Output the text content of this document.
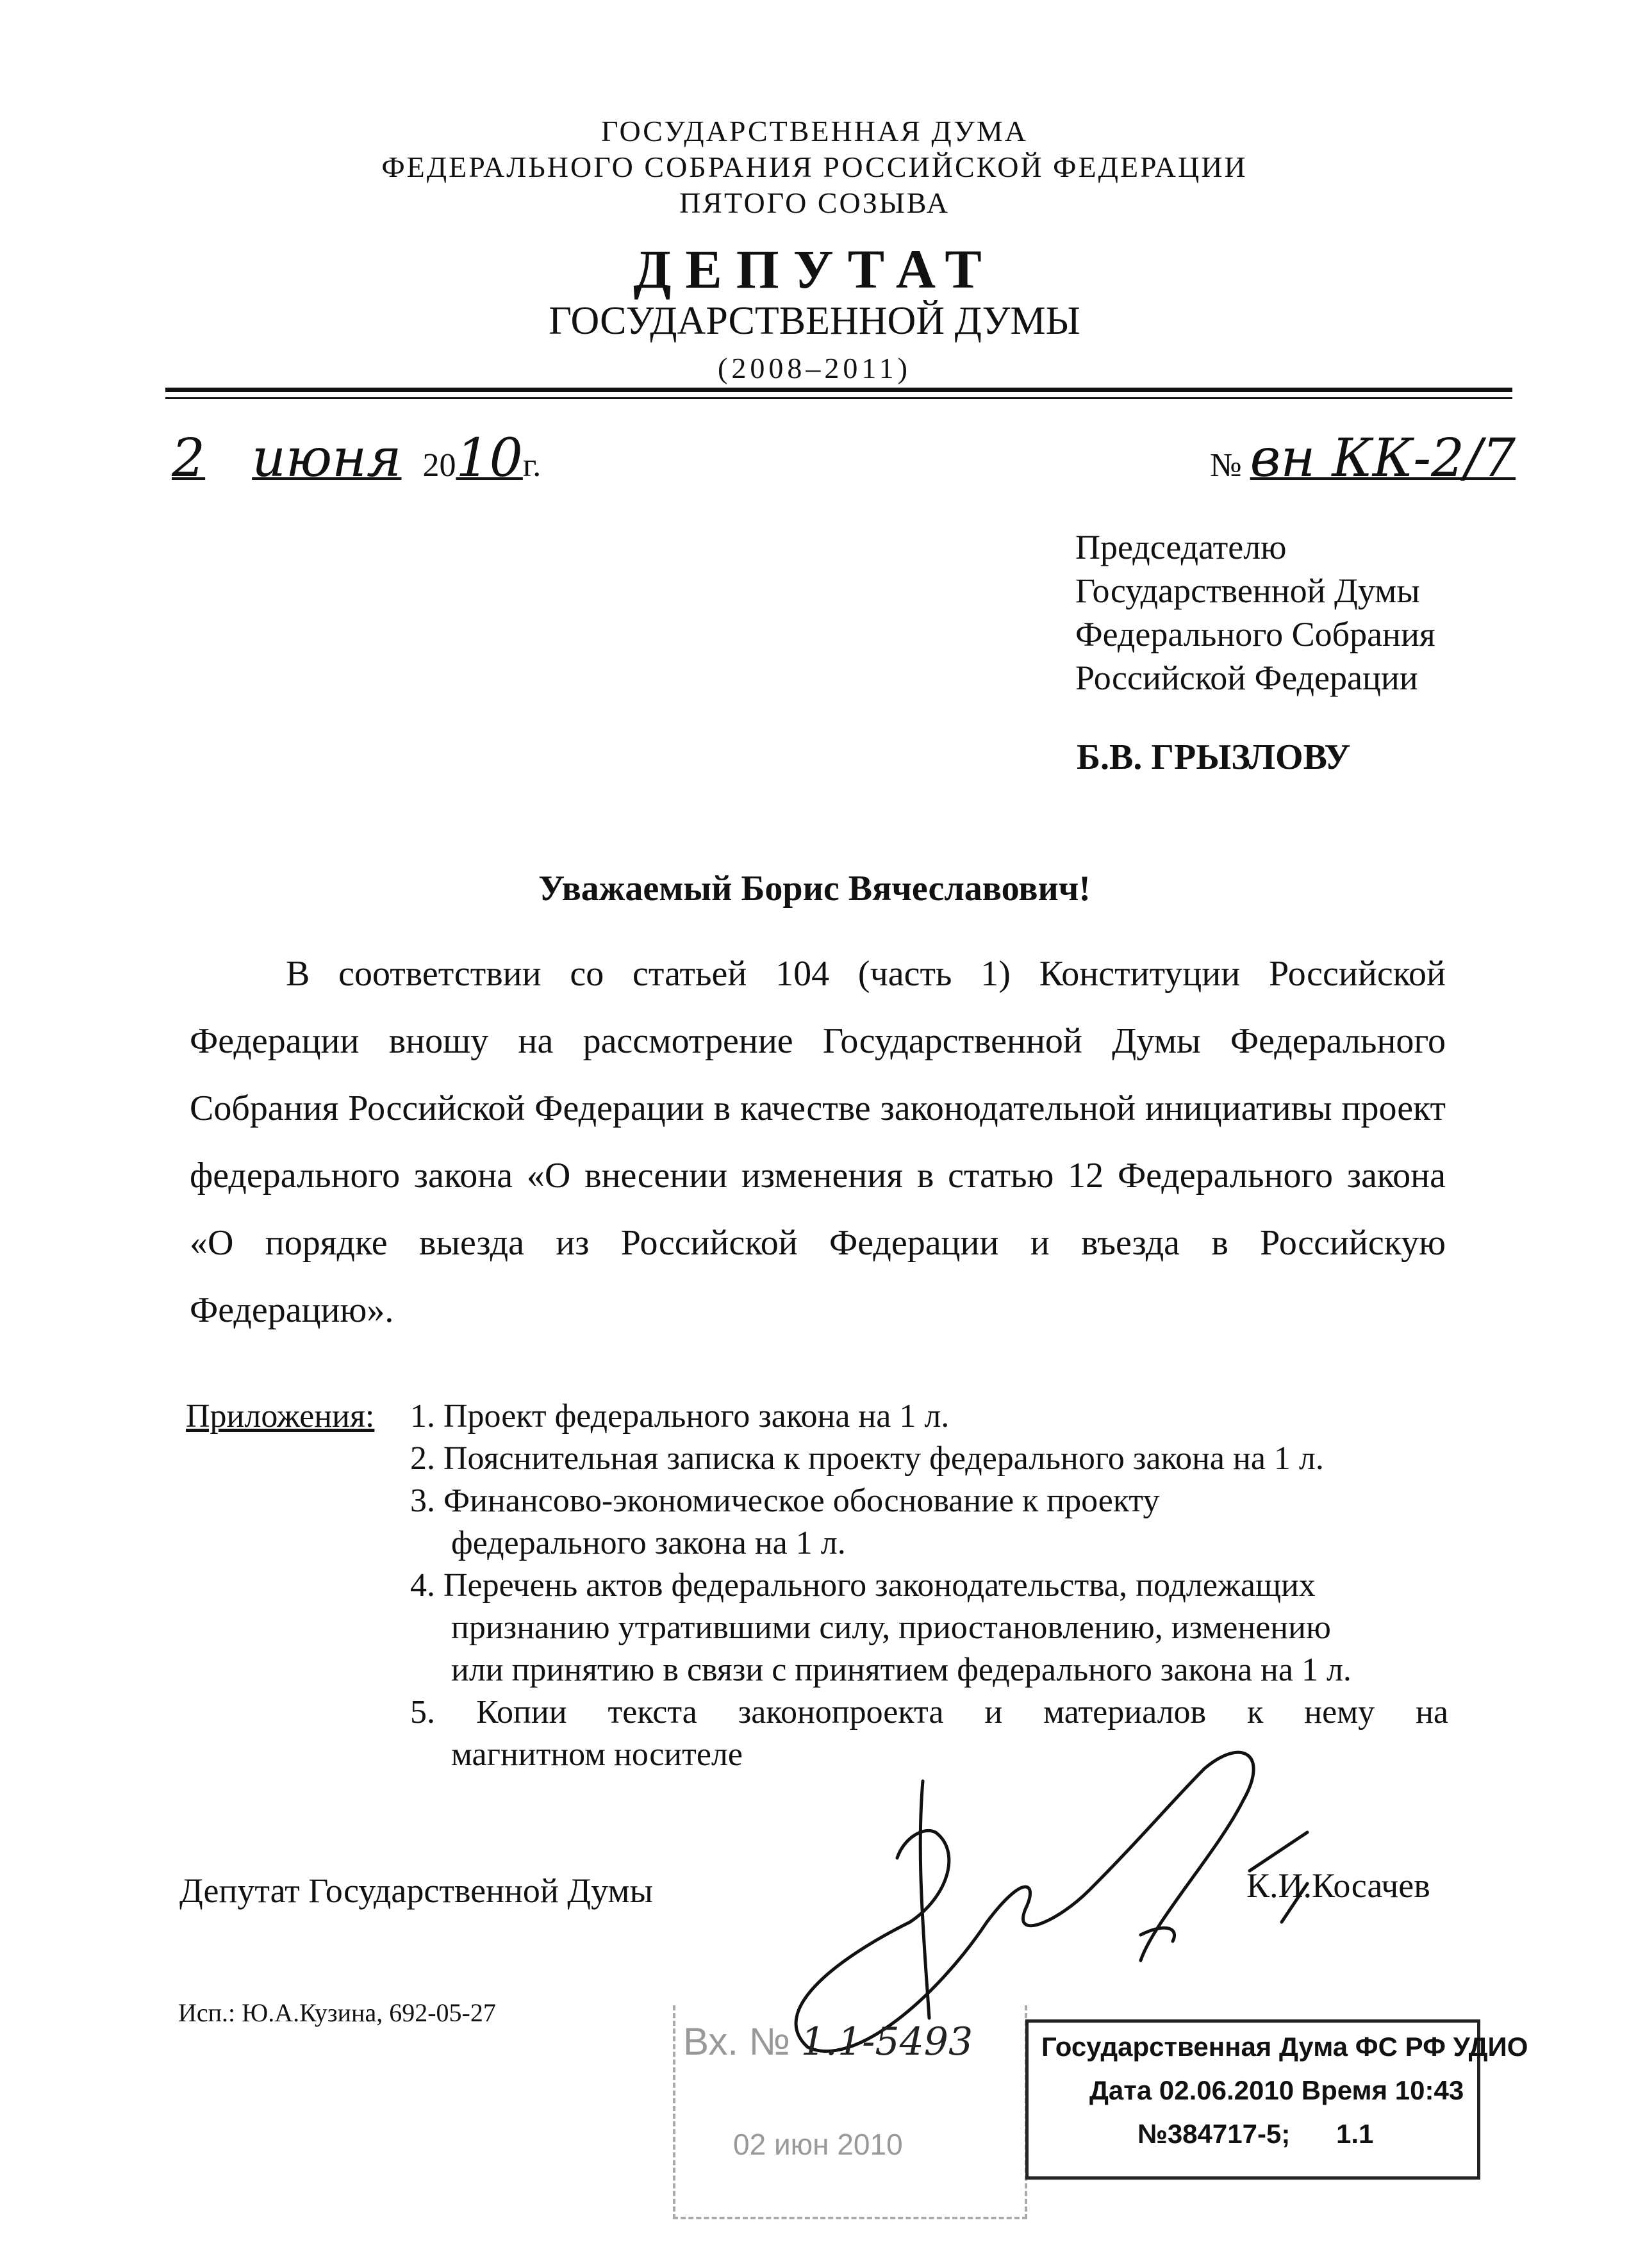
ГОСУДАРСТВЕННАЯ ДУМА
ФЕДЕРАЛЬНОГО СОБРАНИЯ РОССИЙСКОЙ ФЕДЕРАЦИИ
ПЯТОГО СОЗЫВА
ДЕПУТАТ
ГОСУДАРСТВЕННОЙ ДУМЫ
(2008–2011)
2 июня 2010г.	№ вн КК-2/7
Председателю
Государственной Думы
Федерального Собрания
Российской Федерации
Б.В. ГРЫЗЛОВУ
Уважаемый Борис Вячеславович!
В соответствии со статьей 104 (часть 1) Конституции Российской Федерации вношу на рассмотрение Государственной Думы Федерального Собрания Российской Федерации в качестве законодательной инициативы проект федерального закона «О внесении изменения в статью 12 Федерального закона «О порядке выезда из Российской Федерации и въезда в Российскую Федерацию».
Приложения: 1. Проект федерального закона на 1 л.
2. Пояснительная записка к проекту федерального закона на 1 л.
3. Финансово-экономическое обоснование к проекту
федерального закона на 1 л.
4. Перечень актов федерального законодательства, подлежащих
признанию утратившими силу, приостановлению, изменению
или принятию в связи с принятием федерального закона на 1 л.
5. Копии текста законопроекта и материалов к нему на
магнитном носителе
Депутат Государственной Думы	К.И.Косачев
Исп.: Ю.А.Кузина, 692-05-27
Вх. № 1.1-5493
02 июн 2010
Государственная Дума ФС РФ УДИО
Дата 02.06.2010 Время 10:43
№384717-5; 1.1
